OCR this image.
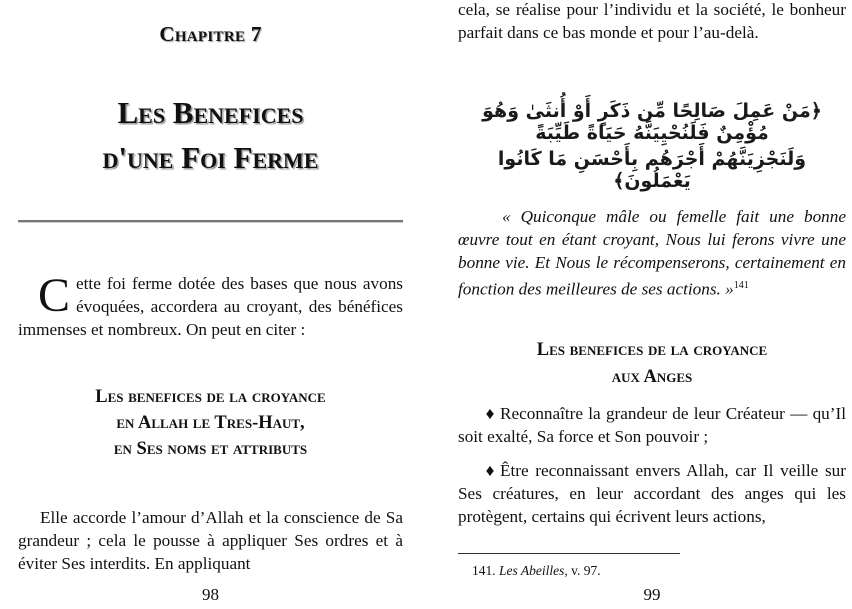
Chapitre 7
Les Benefices
d'une Foi Ferme

Cette foi ferme dotée des bases que nous avons évoquées, accordera au croyant, des bénéfices immenses et nombreux. On peut en citer :

Les benefices de la croyance
en Allah le Tres-Haut,
en Ses noms et attributs

Elle accorde l’amour d’Allah et la conscience de Sa grandeur ; cela le pousse à appliquer Ses ordres et à éviter Ses interdits. En appliquant

98

cela, se réalise pour l’individu et la société, le bonheur parfait dans ce bas monde et pour l’au-delà.

﴿مَنْ عَمِلَ صَالِحًا مِّن ذَكَرٍ أَوْ أُنثَىٰ وَهُوَ مُؤْمِنٌ فَلَنُحْيِيَنَّهُ حَيَاةً طَيِّبَةً
وَلَنَجْزِيَنَّهُمْ أَجْرَهُم بِأَحْسَنِ مَا كَانُوا يَعْمَلُونَ﴾

« Quiconque mâle ou femelle fait une bonne œuvre tout en étant croyant, Nous lui ferons vivre une bonne vie. Et Nous le récompenserons, certainement en fonction des meilleures de ses actions. »$^{141}$

Les benefices de la croyance
aux Anges

♦ Reconnaître la grandeur de leur Créateur — qu’Il soit exalté, Sa force et Son pouvoir ;

♦ Être reconnaissant envers Allah, car Il veille sur Ses créatures, en leur accordant des anges qui les protègent, certains qui écrivent leurs actions,

141. Les Abeilles, v. 97.
99
